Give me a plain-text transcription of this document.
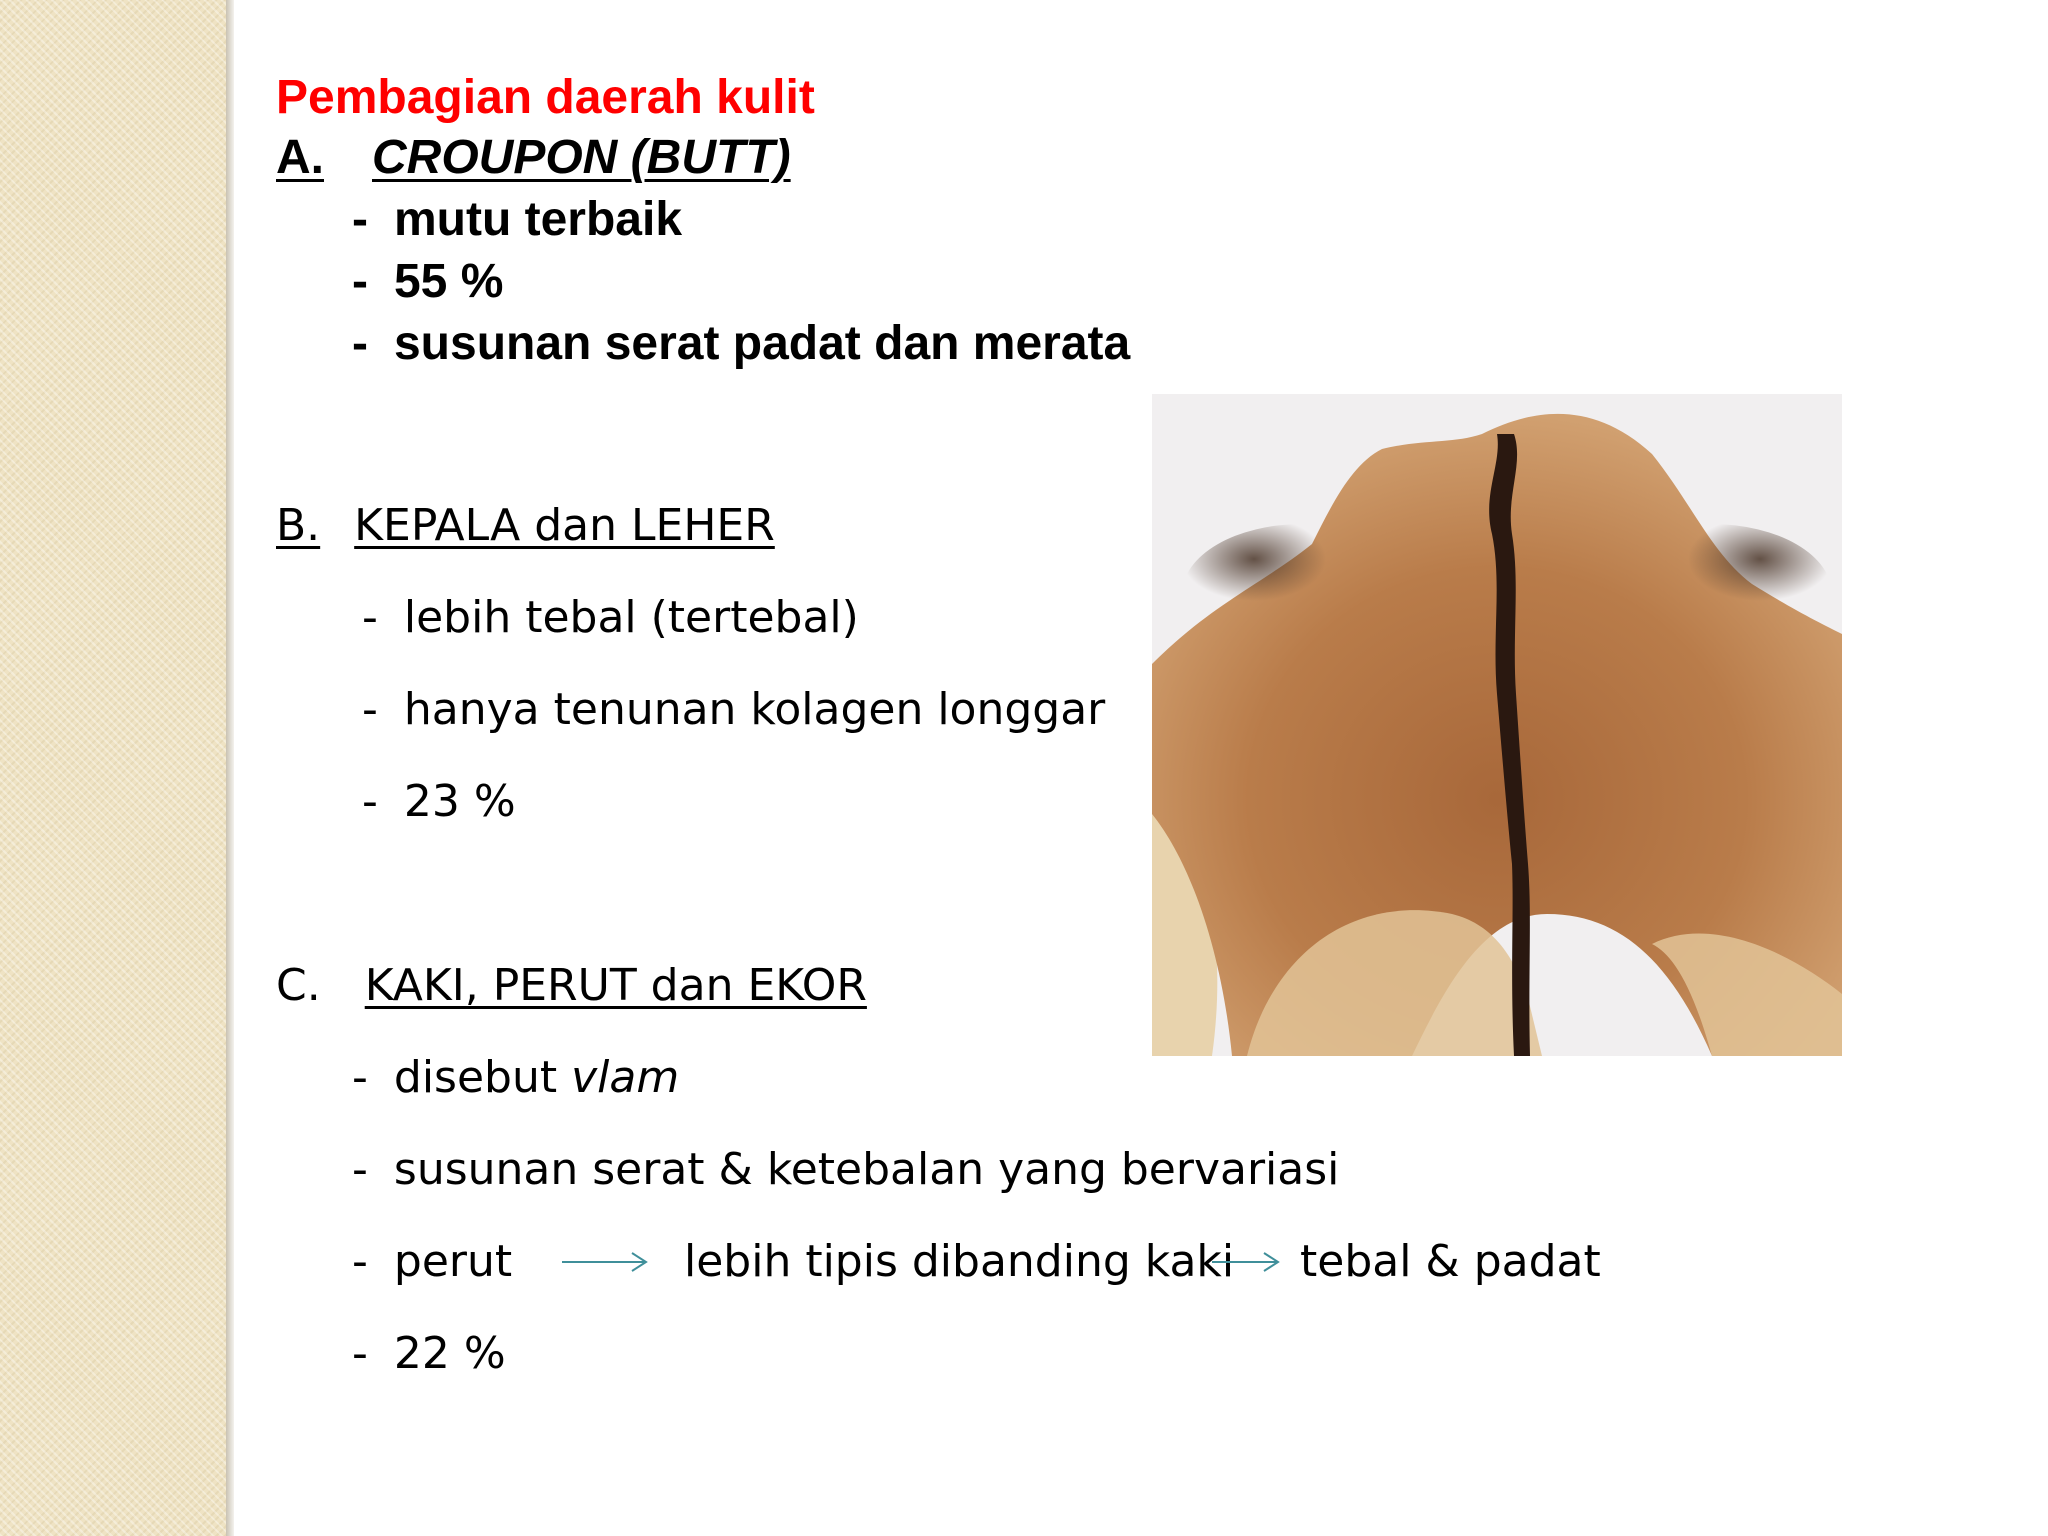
Pembagian daerah kulit
A. CROUPON (BUTT)
- mutu terbaik
- 55 %
- susunan serat padat dan merata
B. KEPALA dan LEHER
- lebih tebal (tertebal)
- hanya tenunan kolagen longgar
- 23 %
C. KAKI, PERUT dan EKOR
- disebut vlam
- susunan serat & ketebalan yang bervariasi
- perut	lebih tipis dibanding kaki tebal & padat
- 22 %
